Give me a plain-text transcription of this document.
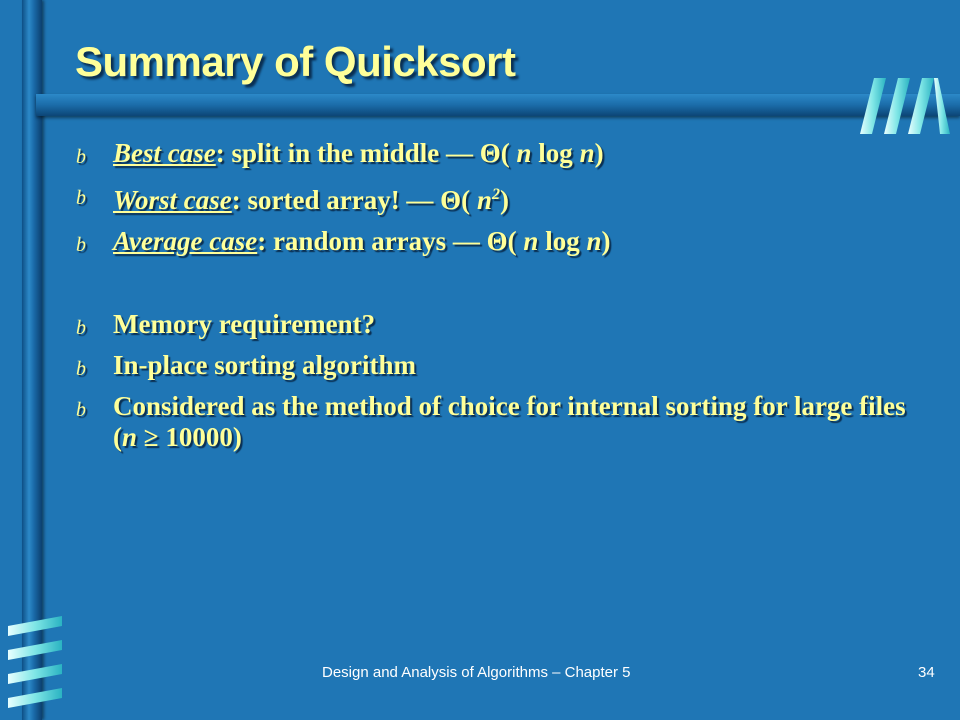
Summary of Quicksort
b Best case: split in the middle — Θ( n log n)
b Worst case: sorted array! — Θ( $n^2$)
b Average case: random arrays — Θ( n log n)
b Memory requirement?
b In-place sorting algorithm
b Considered as the method of choice for internal sorting for large files (n ≥ 10000)
Design and Analysis of Algorithms – Chapter 5	34
